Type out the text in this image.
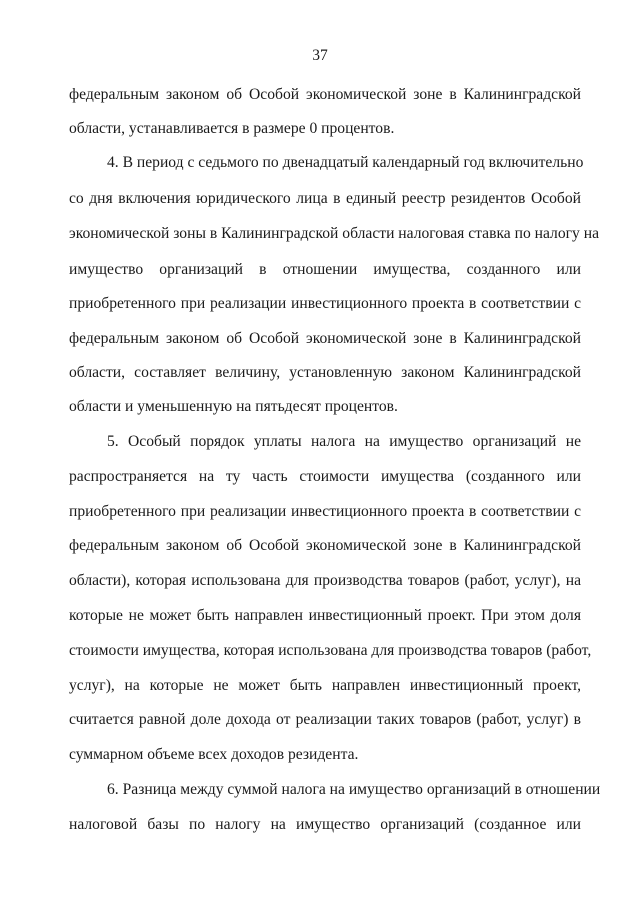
37
федеральным законом об Особой экономической зоне в Калининградской
области, устанавливается в размере 0 процентов.
4. В период с седьмого по двенадцатый календарный год включительно
со дня включения юридического лица в единый реестр резидентов Особой
экономической зоны в Калининградской области налоговая ставка по налогу на
имущество организаций в отношении имущества, созданного или
приобретенного при реализации инвестиционного проекта в соответствии с
федеральным законом об Особой экономической зоне в Калининградской
области, составляет величину, установленную законом Калининградской
области и уменьшенную на пятьдесят процентов.
5. Особый порядок уплаты налога на имущество организаций не
распространяется на ту часть стоимости имущества (созданного или
приобретенного при реализации инвестиционного проекта в соответствии с
федеральным законом об Особой экономической зоне в Калининградской
области), которая использована для производства товаров (работ, услуг), на
которые не может быть направлен инвестиционный проект. При этом доля
стоимости имущества, которая использована для производства товаров (работ,
услуг), на которые не может быть направлен инвестиционный проект,
считается равной доле дохода от реализации таких товаров (работ, услуг) в
суммарном объеме всех доходов резидента.
6. Разница между суммой налога на имущество организаций в отношении
налоговой базы по налогу на имущество организаций (созданное или
